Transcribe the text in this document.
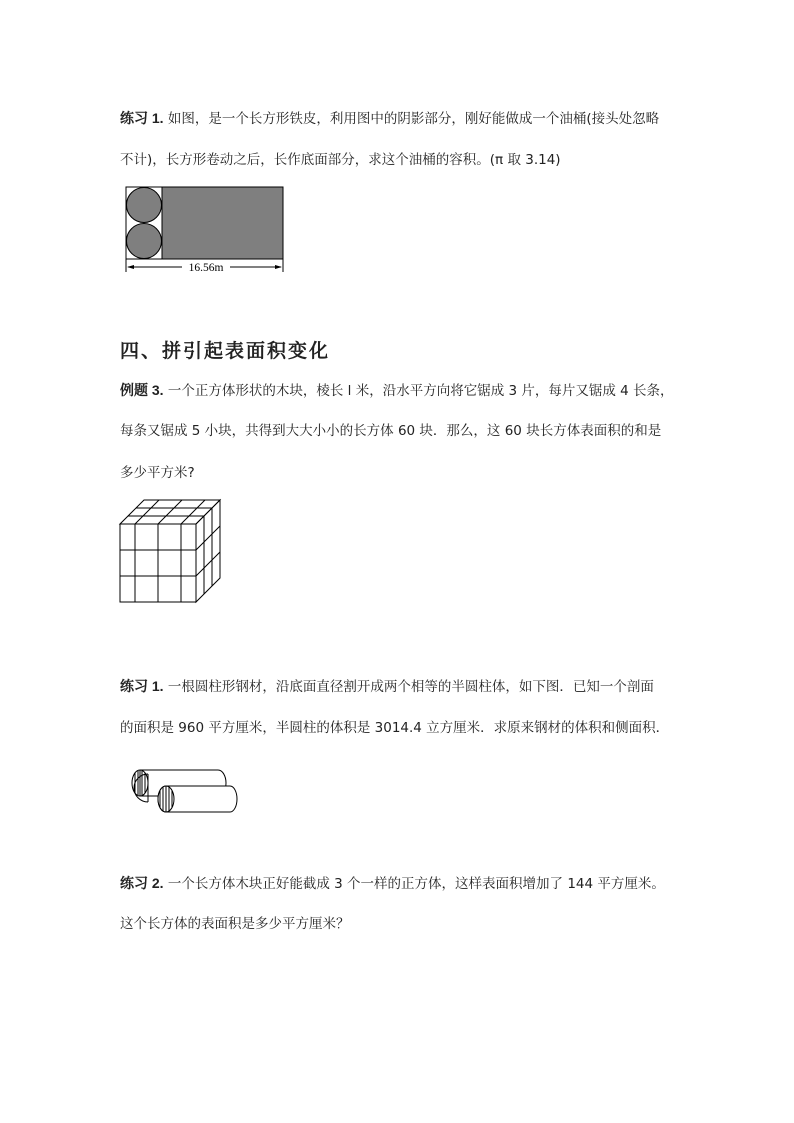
练习 1. 如图，是一个长方形铁皮，利用图中的阴影部分，刚好能做成一个油桶(接头处忽略
不计)，长方形卷动之后，长作底面部分，求这个油桶的容积。(π 取 3.14)
16.56m
四、拼引起表面积变化
例题 3. 一个正方体形状的木块，棱长 l 米，沿水平方向将它锯成 3 片，每片又锯成 4 长条，
每条又锯成 5 小块，共得到大大小小的长方体 60 块．那么，这 60 块长方体表面积的和是
多少平方米?
练习 1. 一根圆柱形钢材，沿底面直径割开成两个相等的半圆柱体，如下图．已知一个剖面
的面积是 960 平方厘米，半圆柱的体积是 3014.4 立方厘米．求原来钢材的体积和侧面积．
练习 2. 一个长方体木块正好能截成 3 个一样的正方体，这样表面积增加了 144 平方厘米。
这个长方体的表面积是多少平方厘米？
